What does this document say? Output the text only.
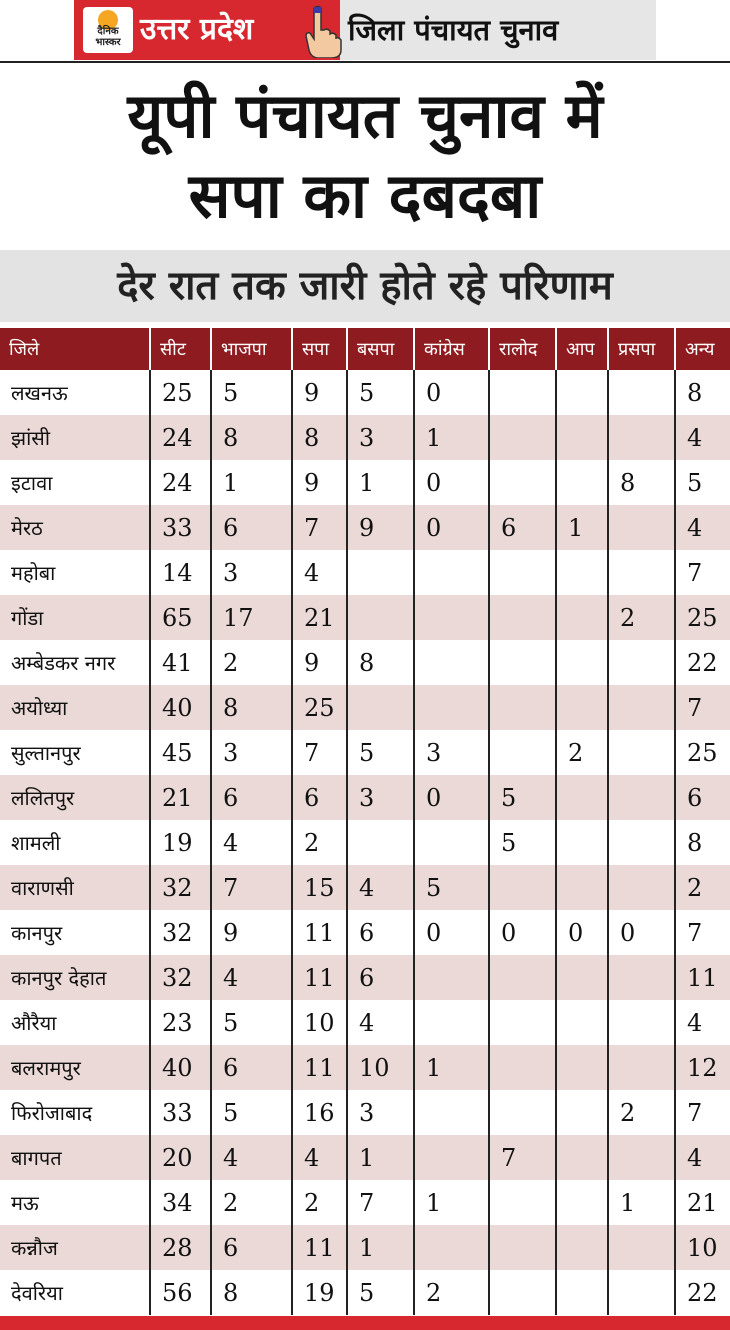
दैनिक
भास्कर उत्तर प्रदेश	जिला पंचायत चुनाव
यूपी पंचायत चुनाव में
सपा का दबदबा
देर रात तक जारी होते रहे परिणाम
जिले	सीट	भाजपा	सपा	बसपा	कांग्रेस	रालोद	आप	प्रसपा	अन्य
लखनऊ	25	5	9	5	0				8
झांसी	24	8	8	3	1				4
इटावा	24	1	9	1	0			8	5
मेरठ	33	6	7	9	0	6	1		4
महोबा	14	3	4						7
गोंडा	65	17	21					2	25
अम्बेडकर नगर	41	2	9	8					22
अयोध्या	40	8	25						7
सुल्तानपुर	45	3	7	5	3		2		25
ललितपुर	21	6	6	3	0	5			6
शामली	19	4	2			5			8
वाराणसी	32	7	15	4	5				2
कानपुर	32	9	11	6	0	0	0	0	7
कानपुर देहात	32	4	11	6					11
औरैया	23	5	10	4					4
बलरामपुर	40	6	11	10	1				12
फिरोजाबाद	33	5	16	3				2	7
बागपत	20	4	4	1		7			4
मऊ	34	2	2	7	1			1	21
कन्नौज	28	6	11	1					10
देवरिया	56	8	19	5	2				22
